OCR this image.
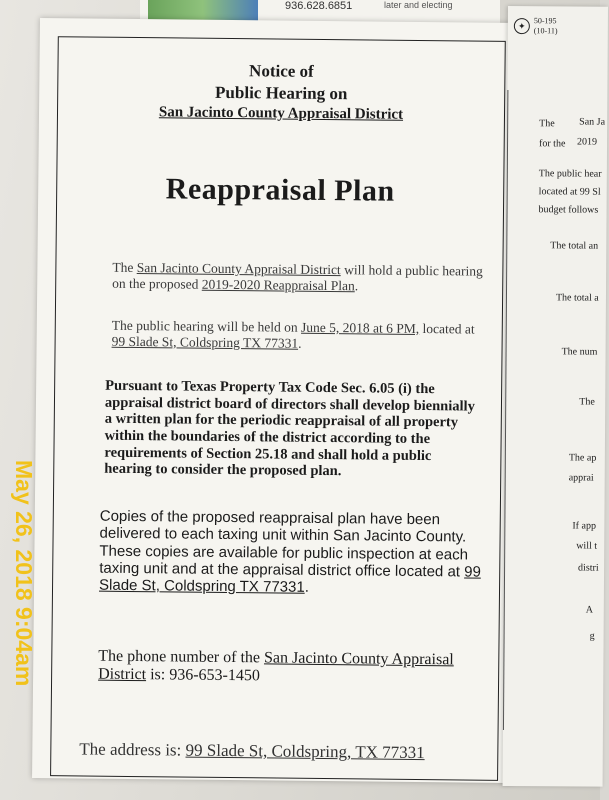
936.628.6851	later and electing
Notice of
Public Hearing on
San Jacinto County Appraisal District
Reappraisal Plan
The San Jacinto County Appraisal District will hold a public hearing on the proposed 2019-2020 Reappraisal Plan.
The public hearing will be held on June 5, 2018 at 6 PM, located at 99 Slade St, Coldspring TX 77331.
Pursuant to Texas Property Tax Code Sec. 6.05 (i) the appraisal district board of directors shall develop biennially a written plan for the periodic reappraisal of all property within the boundaries of the district according to the requirements of Section 25.18 and shall hold a public hearing to consider the proposed plan.
Copies of the proposed reappraisal plan have been delivered to each taxing unit within San Jacinto County. These copies are available for public inspection at each taxing unit and at the appraisal district office located at 99 Slade St, Coldspring TX 77331.
The phone number of the San Jacinto County Appraisal District is: 936-653-1450
The address is: 99 Slade St, Coldspring, TX 77331
✦
50-195
(10-11)
The San Ja
for the 2019
The public hear
located at 99 Sl
budget follows
The total an
The total a
The num
The
The ap
apprai
If app
will t
distri
A
g
May 26, 2018 9:04am
